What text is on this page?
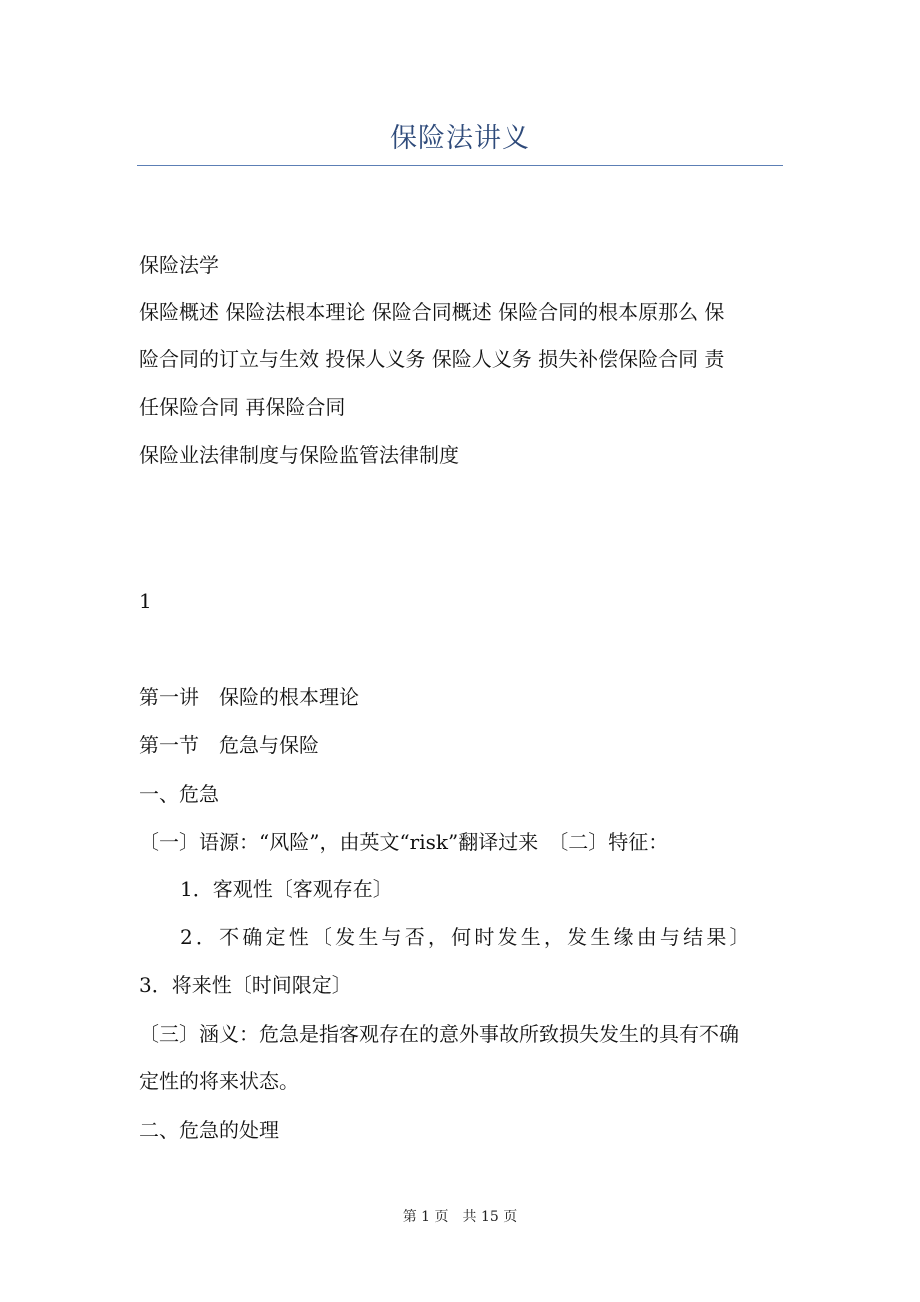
保险法讲义
保险法学
保险概述 保险法根本理论 保险合同概述 保险合同的根本原那么 保
险合同的订立与生效 投保人义务 保险人义务 损失补偿保险合同 责
任保险合同 再保险合同
保险业法律制度与保险监管法律制度
1
第一讲　保险的根本理论
第一节　危急与保险
一、危急
〔一〕语源：“风险”，由英文“risk”翻译过来　〔二〕特征：
1．客观性〔客观存在〕
2．不确定性〔发生与否，何时发生，发生缘由与结果〕
3．将来性〔时间限定〕
〔三〕涵义：危急是指客观存在的意外事故所致损失发生的具有不确
定性的将来状态。
二、危急的处理
第 1 页　共 15 页
